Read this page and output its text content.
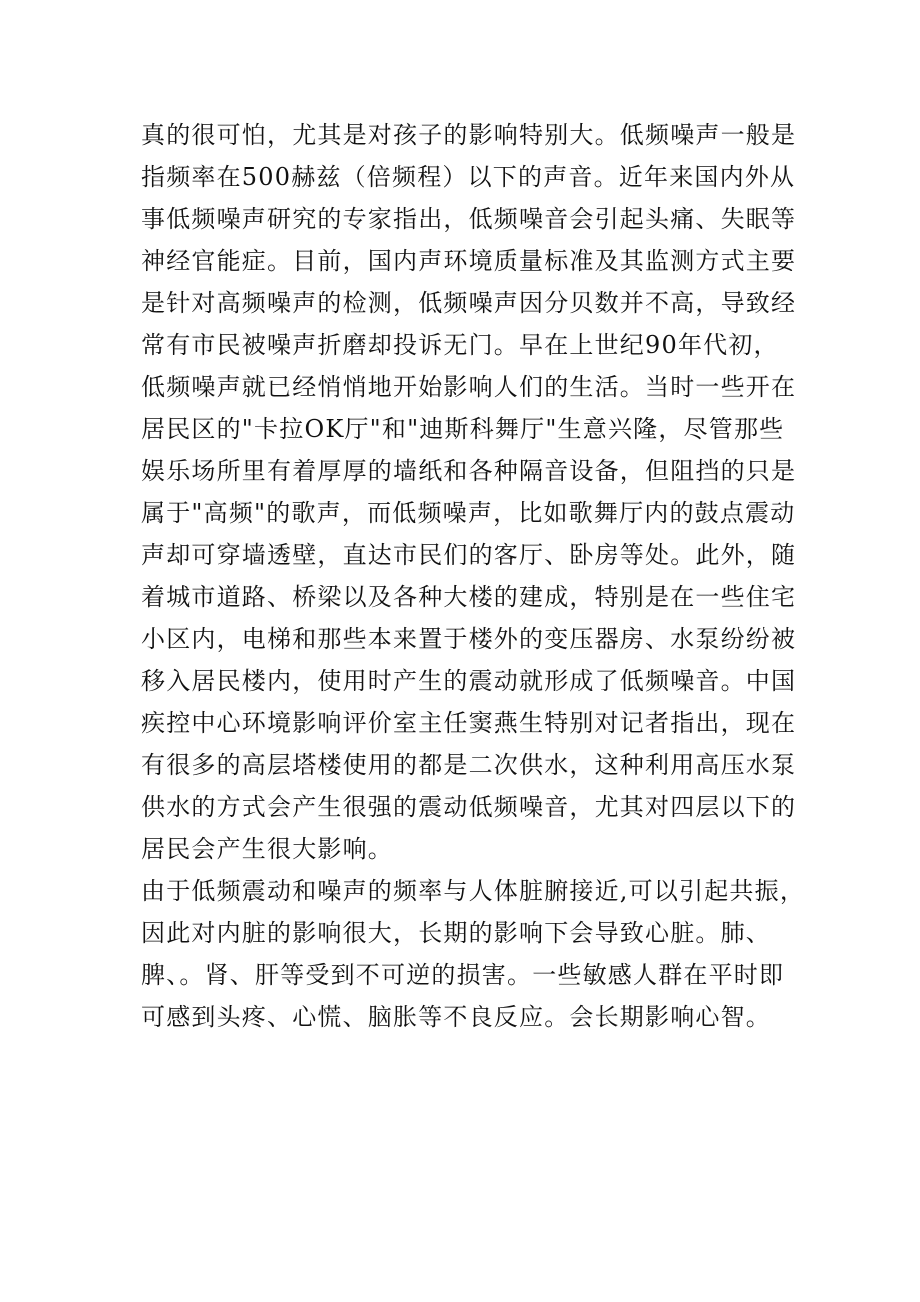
真的很可怕，尤其是对孩子的影响特别大。低频噪声一般是
指频率在500赫兹（倍频程）以下的声音。近年来国内外从
事低频噪声研究的专家指出，低频噪音会引起头痛、失眠等
神经官能症。目前，国内声环境质量标准及其监测方式主要
是针对高频噪声的检测，低频噪声因分贝数并不高，导致经
常有市民被噪声折磨却投诉无门。早在上世纪90年代初，
低频噪声就已经悄悄地开始影响人们的生活。当时一些开在
居民区的"卡拉OK厅"和"迪斯科舞厅"生意兴隆，尽管那些
娱乐场所里有着厚厚的墙纸和各种隔音设备，但阻挡的只是
属于"高频"的歌声，而低频噪声，比如歌舞厅内的鼓点震动
声却可穿墙透壁，直达市民们的客厅、卧房等处。此外，随
着城市道路、桥梁以及各种大楼的建成，特别是在一些住宅
小区内，电梯和那些本来置于楼外的变压器房、水泵纷纷被
移入居民楼内，使用时产生的震动就形成了低频噪音。中国
疾控中心环境影响评价室主任窦燕生特别对记者指出，现在
有很多的高层塔楼使用的都是二次供水，这种利用高压水泵
供水的方式会产生很强的震动低频噪音，尤其对四层以下的
居民会产生很大影响。
由于低频震动和噪声的频率与人体脏腑接近,可以引起共振，
因此对内脏的影响很大，长期的影响下会导致心脏。肺、
脾、。肾、肝等受到不可逆的损害。一些敏感人群在平时即
可感到头疼、心慌、脑胀等不良反应。会长期影响心智。
